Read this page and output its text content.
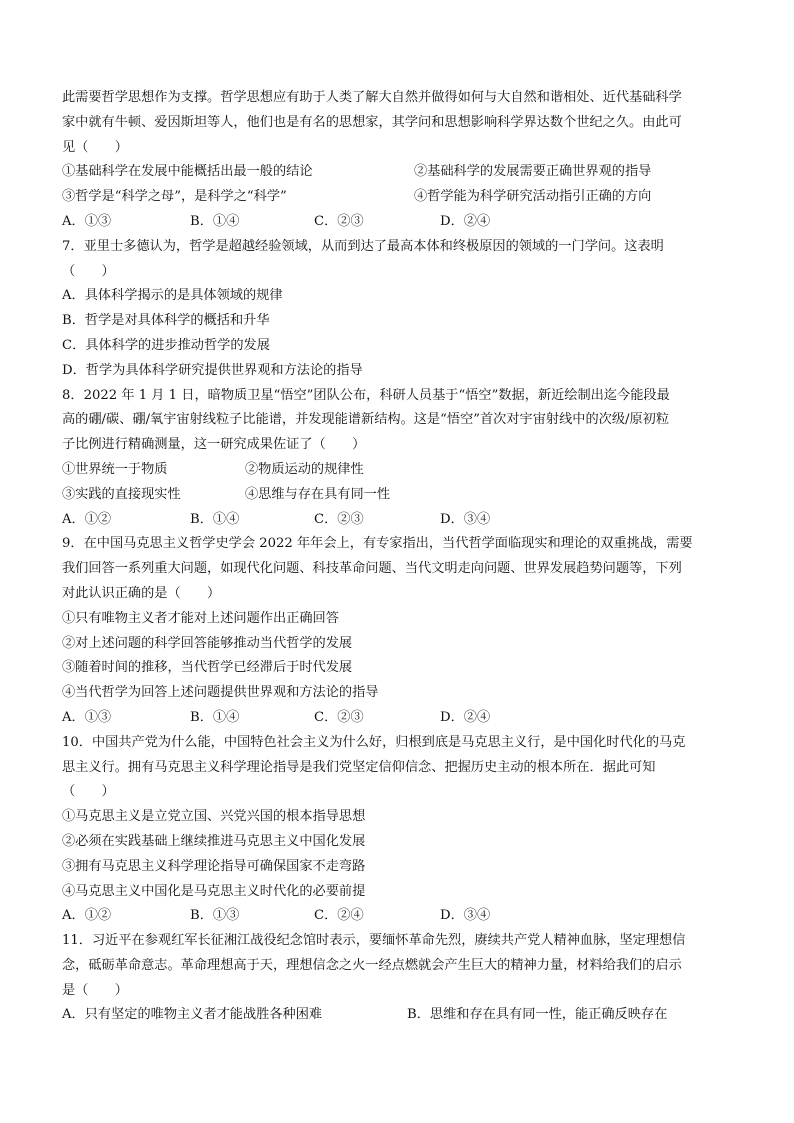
此需要哲学思想作为支撑。哲学思想应有助于人类了解大自然并做得如何与大自然和谐相处、近代基础科学
家中就有牛顿、爱因斯坦等人，他们也是有名的思想家，其学问和思想影响科学界达数个世纪之久。由此可
见（　　）
①基础科学在发展中能概括出最一般的结论	②基础科学的发展需要正确世界观的指导
③哲学是“科学之母”，是科学之“科学”	④哲学能为科学研究活动指引正确的方向
A．①③	B．①④	C．②③	D．②④
7．亚里士多德认为，哲学是超越经验领域，从而到达了最高本体和终极原因的领域的一门学问。这表明
（　　）
A．具体科学揭示的是具体领域的规律
B．哲学是对具体科学的概括和升华
C．具体科学的进步推动哲学的发展
D．哲学为具体科学研究提供世界观和方法论的指导
8．2022 年 1 月 1 日，暗物质卫星“悟空”团队公布，科研人员基于“悟空”数据，新近绘制出迄今能段最
高的硼/碳、硼/氧宇宙射线粒子比能谱，并发现能谱新结构。这是“悟空”首次对宇宙射线中的次级/原初粒
子比例进行精确测量，这一研究成果佐证了（　　）
①世界统一于物质	②物质运动的规律性
③实践的直接现实性	④思维与存在具有同一性
A．①②	B．①④	C．②③	D．③④
9．在中国马克思主义哲学史学会 2022 年年会上，有专家指出，当代哲学面临现实和理论的双重挑战，需要
我们回答一系列重大问题，如现代化问题、科技革命问题、当代文明走向问题、世界发展趋势问题等，下列
对此认识正确的是（　　）
①只有唯物主义者才能对上述问题作出正确回答
②对上述问题的科学回答能够推动当代哲学的发展
③随着时间的推移，当代哲学已经滞后于时代发展
④当代哲学为回答上述问题提供世界观和方法论的指导
A．①③	B．①④	C．②③	D．②④
10．中国共产党为什么能，中国特色社会主义为什么好，归根到底是马克思主义行，是中国化时代化的马克
思主义行。拥有马克思主义科学理论指导是我们党坚定信仰信念、把握历史主动的根本所在．据此可知
（　　）
①马克思主义是立党立国、兴党兴国的根本指导思想
②必须在实践基础上继续推进马克思主义中国化发展
③拥有马克思主义科学理论指导可确保国家不走弯路
④马克思主义中国化是马克思主义时代化的必要前提
A．①②	B．①③	C．②④	D．③④
11．习近平在参观红军长征湘江战役纪念馆时表示，要缅怀革命先烈，赓续共产党人精神血脉，坚定理想信
念，砥砺革命意志。革命理想高于天，理想信念之火一经点燃就会产生巨大的精神力量，材料给我们的启示
是（　　）
A．只有坚定的唯物主义者才能战胜各种困难	B．思维和存在具有同一性，能正确反映存在
